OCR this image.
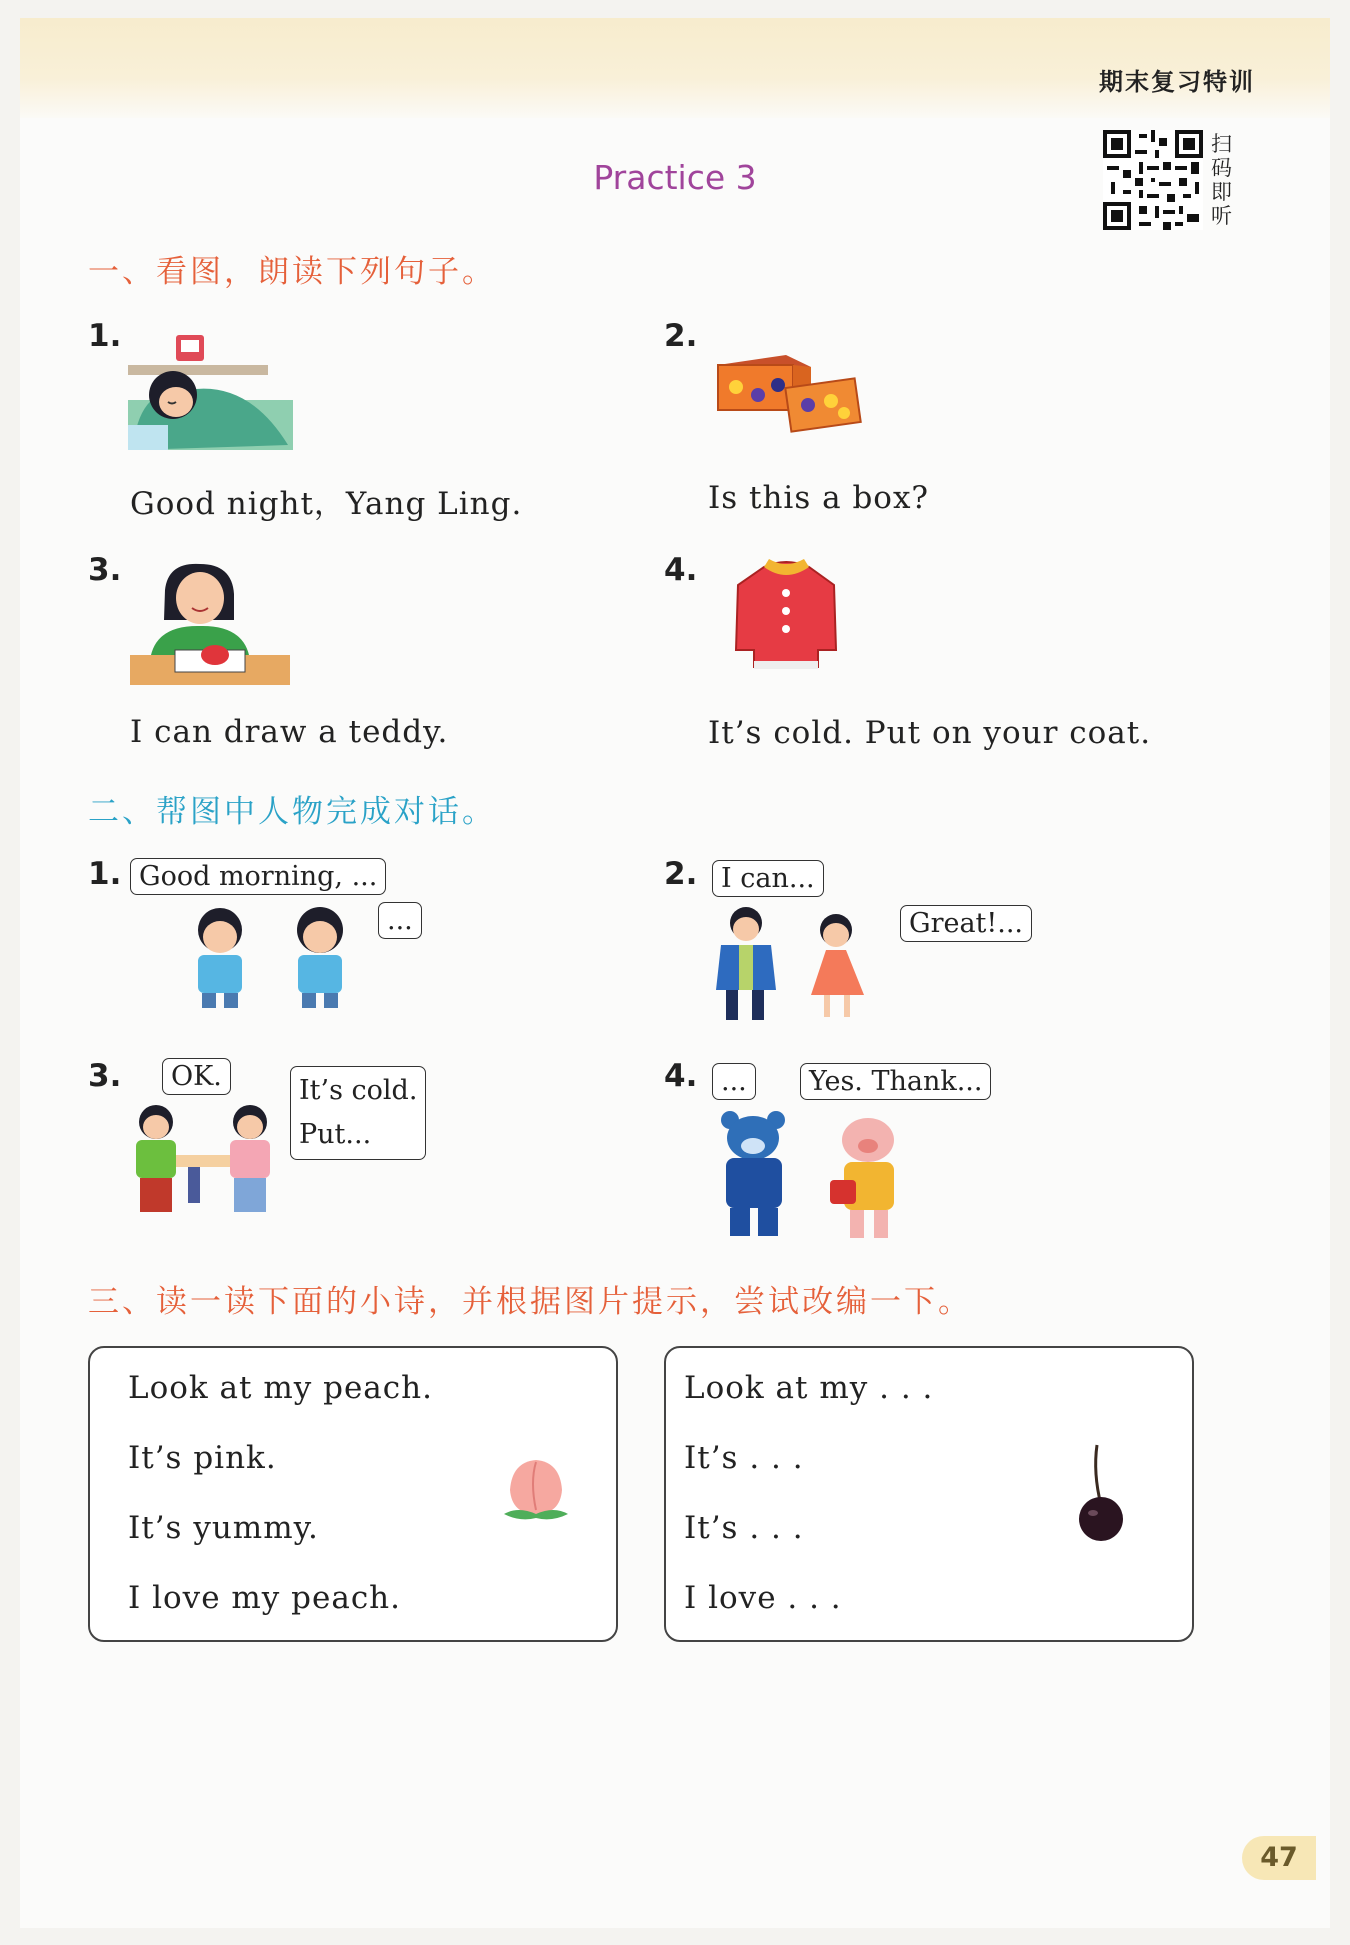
期末复习特训
扫码即听
Practice 3
一、看图，朗读下列句子。
1.
Good night，Yang Ling.
2.
Is this a box?
3.
I can draw a teddy.
4.
It’s cold. Put on your coat.
二、帮图中人物完成对话。
1. Good morning, ...
...
2. I can...
Great!...
3.	OK.	It’s cold.
Put...
4. ...	Yes. Thank...
三、读一读下面的小诗，并根据图片提示，尝试改编一下。
Look at my peach.
It’s pink.
It’s yummy.
I love my peach.
Look at my . . .
It’s . . .
It’s . . .
I love . . .
47
